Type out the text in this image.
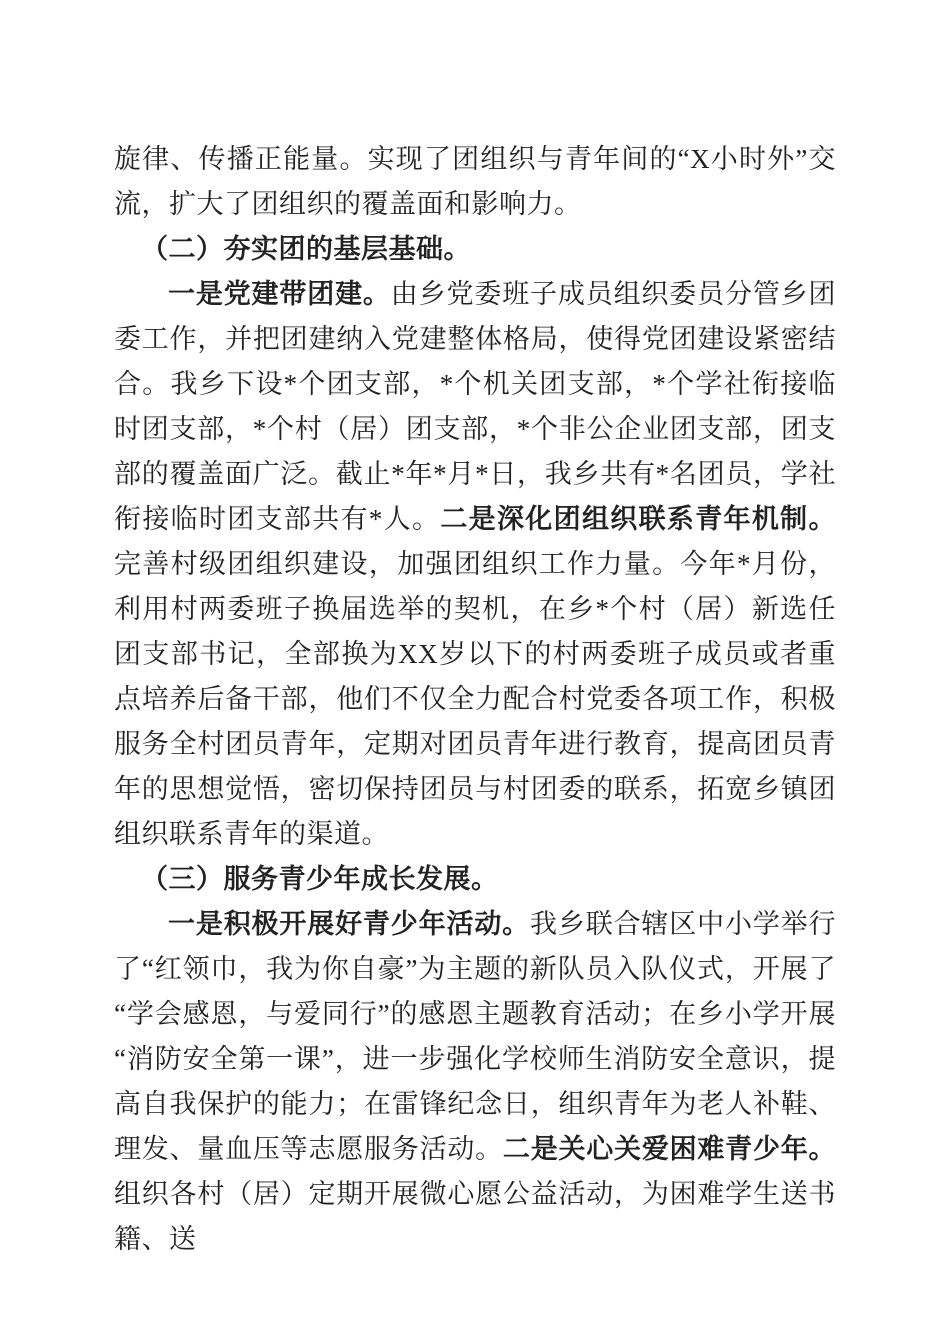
旋律、传播正能量。实现了团组织与青年间的“X小时外”交流，扩大了团组织的覆盖面和影响力。

（二）夯实团的基层基础。

一是党建带团建。由乡党委班子成员组织委员分管乡团委工作，并把团建纳入党建整体格局，使得党团建设紧密结合。我乡下设*个团支部，*个机关团支部，*个学社衔接临时团支部，*个村（居）团支部，*个非公企业团支部，团支部的覆盖面广泛。截止*年*月*日，我乡共有*名团员，学社衔接临时团支部共有*人。二是深化团组织联系青年机制。完善村级团组织建设，加强团组织工作力量。今年*月份，利用村两委班子换届选举的契机，在乡*个村（居）新选任团支部书记，全部换为XX岁以下的村两委班子成员或者重点培养后备干部，他们不仅全力配合村党委各项工作，积极服务全村团员青年，定期对团员青年进行教育，提高团员青年的思想觉悟，密切保持团员与村团委的联系，拓宽乡镇团组织联系青年的渠道。

（三）服务青少年成长发展。

一是积极开展好青少年活动。我乡联合辖区中小学举行了“红领巾，我为你自豪”为主题的新队员入队仪式，开展了“学会感恩，与爱同行”的感恩主题教育活动；在乡小学开展“消防安全第一课”，进一步强化学校师生消防安全意识，提高自我保护的能力；在雷锋纪念日，组织青年为老人补鞋、理发、量血压等志愿服务活动。二是关心关爱困难青少年。组织各村（居）定期开展微心愿公益活动，为困难学生送书籍、送
